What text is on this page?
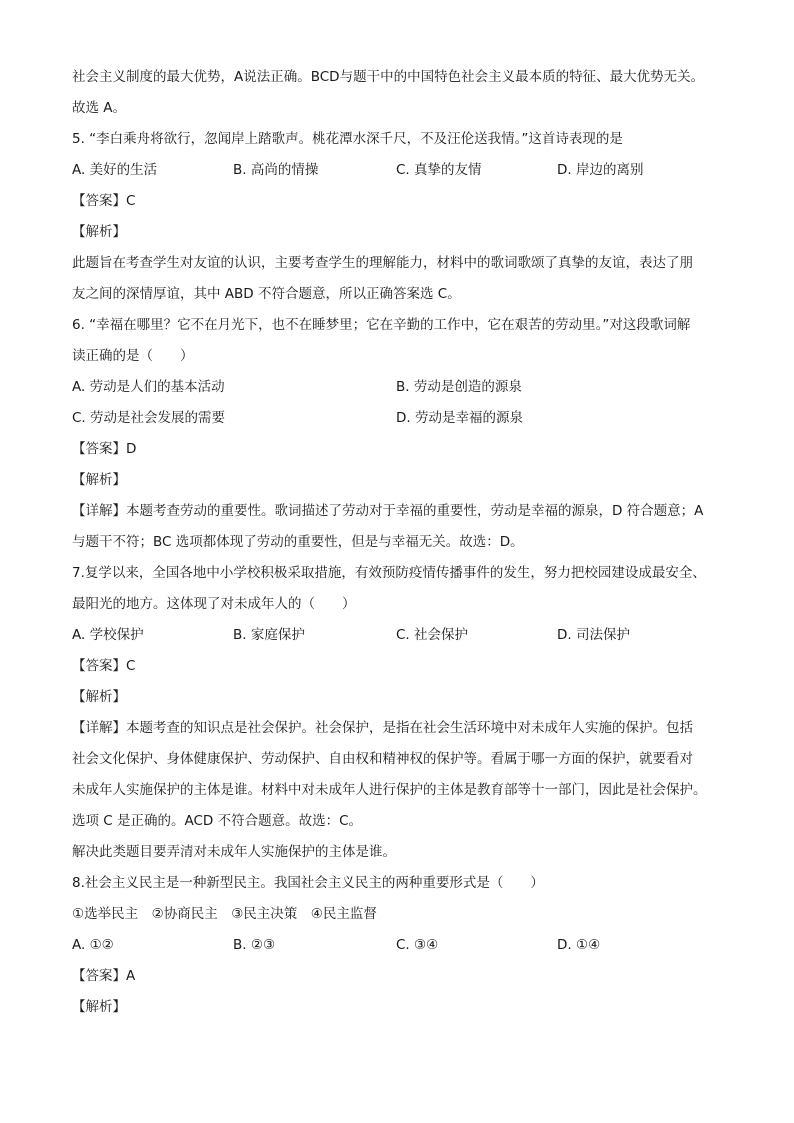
社会主义制度的最大优势，A说法正确。BCD与题干中的中国特色社会主义最本质的特征、最大优势无关。
故选 A。
5. “李白乘舟将欲行，忽闻岸上踏歌声。桃花潭水深千尺，不及汪伦送我情。”这首诗表现的是
A. 美好的生活	B. 高尚的情操	C. 真挚的友情	D. 岸边的离别
【答案】C
【解析】
此题旨在考查学生对友谊的认识，主要考查学生的理解能力，材料中的歌词歌颂了真挚的友谊，表达了朋
友之间的深情厚谊，其中 ABD 不符合题意，所以正确答案选 C。
6. “幸福在哪里？它不在月光下，也不在睡梦里；它在辛勤的工作中，它在艰苦的劳动里。”对这段歌词解
读正确的是（　　）
A. 劳动是人们的基本活动	B. 劳动是创造的源泉
C. 劳动是社会发展的需要	D. 劳动是幸福的源泉
【答案】D
【解析】
【详解】本题考查劳动的重要性。歌词描述了劳动对于幸福的重要性，劳动是幸福的源泉，D 符合题意；A
与题干不符；BC 选项都体现了劳动的重要性，但是与幸福无关。故选：D。
7.复学以来，全国各地中小学校积极采取措施，有效预防疫情传播事件的发生，努力把校园建设成最安全、
最阳光的地方。这体现了对未成年人的（　　）
A. 学校保护	B. 家庭保护	C. 社会保护	D. 司法保护
【答案】C
【解析】
【详解】本题考查的知识点是社会保护。社会保护，是指在社会生活环境中对未成年人实施的保护。包括
社会文化保护、身体健康保护、劳动保护、自由权和精神权的保护等。看属于哪一方面的保护，就要看对
未成年人实施保护的主体是谁。材料中对未成年人进行保护的主体是教育部等十一部门，因此是社会保护。
选项 C 是正确的。ACD 不符合题意。故选：C。
解决此类题目要弄清对未成年人实施保护的主体是谁。
8.社会主义民主是一种新型民主。我国社会主义民主的两种重要形式是（　　）
①选举民主　②协商民主　③民主决策　④民主监督
A. ①②	B. ②③	C. ③④	D. ①④
【答案】A
【解析】
